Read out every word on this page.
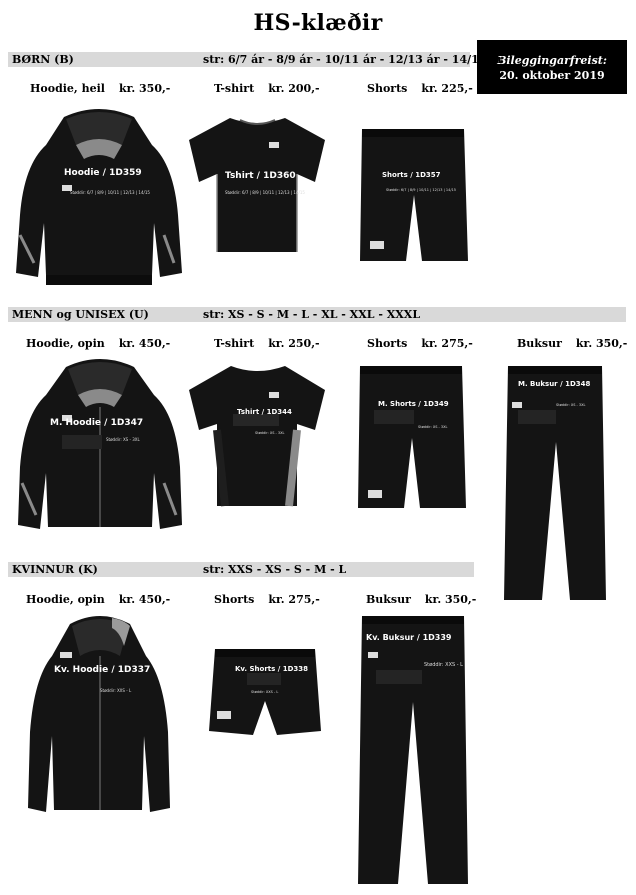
HS-klæðir
Bileggingarfreist:
20. oktober 2019
BØRN (B)	str: 6/7 ár - 8/9 ár - 10/11 ár - 12/13 ár - 14/15 ár
Hoodie, heil kr. 350,-	T-shirt kr. 200,-	Shorts kr. 225,-
Hoodie / 1D359
Støddir: 6/7 | 8/9 | 10/11 | 12/13 | 14/15
Tshirt / 1D360
Støddir: 6/7 | 8/9 | 10/11 | 12/13 | 14/15
Shorts / 1D357
Støddir: 6/7 | 8/9 | 10/11 | 12/13 | 14/15
MENN og UNISEX (U)	str: XS - S - M - L - XL - XXL - XXXL
Hoodie, opin kr. 450,-	T-shirt kr. 250,-	Shorts kr. 275,-	Buksur kr. 350,-
M. Hoodie / 1D347
Støddir: XS - 3XL
Tshirt / 1D344
Støddir: XS - 3XL
M. Shorts / 1D349
Støddir: XS - 3XL
M. Buksur / 1D348
Støddir: XS - 3XL
KVINNUR (K)	str: XXS - XS - S - M - L
Hoodie, opin kr. 450,-	Shorts kr. 275,-	Buksur kr. 350,-
Kv. Hoodie / 1D337
Støddir: XXS - L
Kv. Shorts / 1D338
Støddir: XXS - L
Kv. Buksur / 1D339
Støddir: XXS - L
